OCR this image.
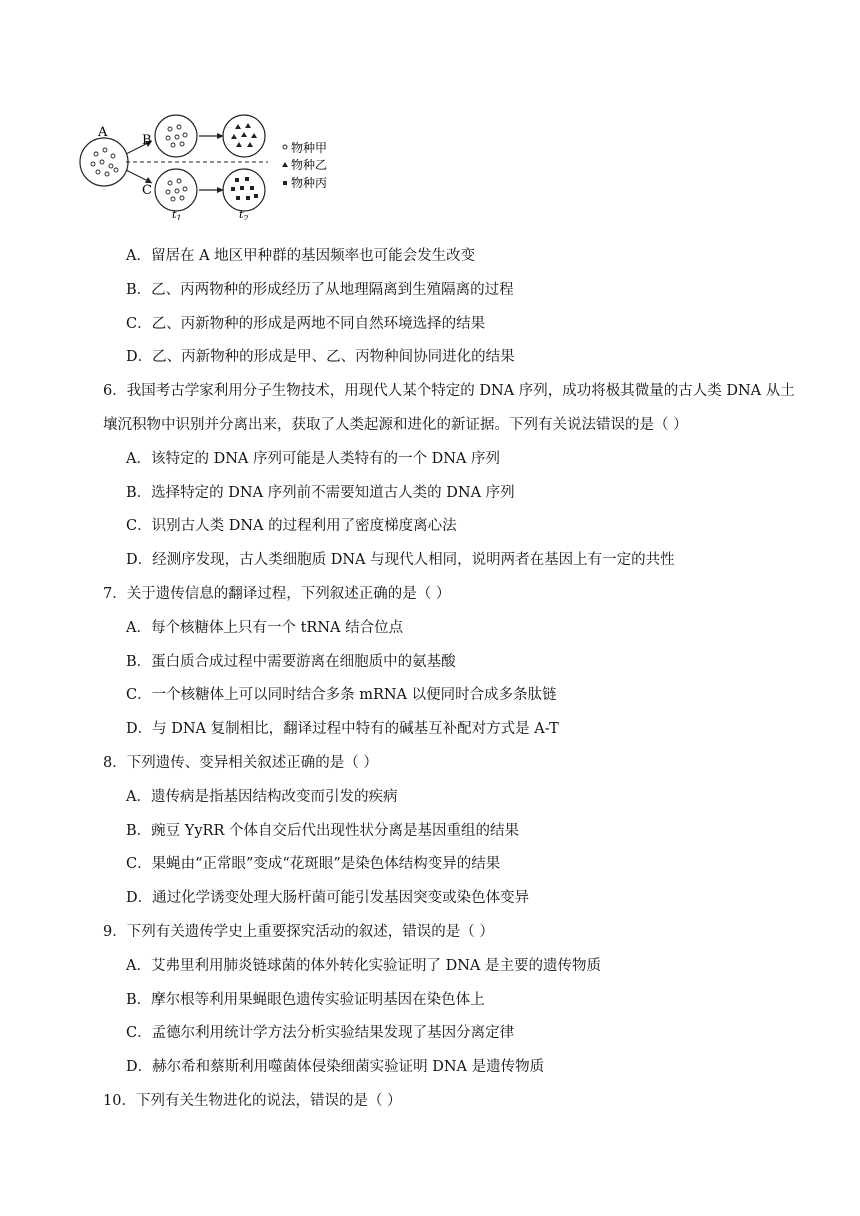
A
B
C
$t_1$	$t_2$
物种甲
物种乙
物种丙
A．留居在 A 地区甲种群的基因频率也可能会发生改变
B．乙、丙两物种的形成经历了从地理隔离到生殖隔离的过程
C．乙、丙新物种的形成是两地不同自然环境选择的结果
D．乙、丙新物种的形成是甲、乙、丙物种间协同进化的结果
6．我国考古学家利用分子生物技术，用现代人某个特定的 DNA 序列，成功将极其微量的古人类 DNA 从土
壤沉积物中识别并分离出来，获取了人类起源和进化的新证据。下列有关说法错误的是（ ）
A．该特定的 DNA 序列可能是人类特有的一个 DNA 序列
B．选择特定的 DNA 序列前不需要知道古人类的 DNA 序列
C．识别古人类 DNA 的过程利用了密度梯度离心法
D．经测序发现，古人类细胞质 DNA 与现代人相同，说明两者在基因上有一定的共性
7．关于遗传信息的翻译过程，下列叙述正确的是（ ）
A．每个核糖体上只有一个 tRNA 结合位点
B．蛋白质合成过程中需要游离在细胞质中的氨基酸
C．一个核糖体上可以同时结合多条 mRNA 以便同时合成多条肽链
D．与 DNA 复制相比，翻译过程中特有的碱基互补配对方式是 A-T
8．下列遗传、变异相关叙述正确的是（ ）
A．遗传病是指基因结构改变而引发的疾病
B．豌豆 YyRR 个体自交后代出现性状分离是基因重组的结果
C．果蝇由“正常眼”变成“花斑眼”是染色体结构变异的结果
D．通过化学诱变处理大肠杆菌可能引发基因突变或染色体变异
9．下列有关遗传学史上重要探究活动的叙述，错误的是（ ）
A．艾弗里利用肺炎链球菌的体外转化实验证明了 DNA 是主要的遗传物质
B．摩尔根等利用果蝇眼色遗传实验证明基因在染色体上
C．孟德尔利用统计学方法分析实验结果发现了基因分离定律
D．赫尔希和蔡斯利用噬菌体侵染细菌实验证明 DNA 是遗传物质
10．下列有关生物进化的说法，错误的是（ ）
